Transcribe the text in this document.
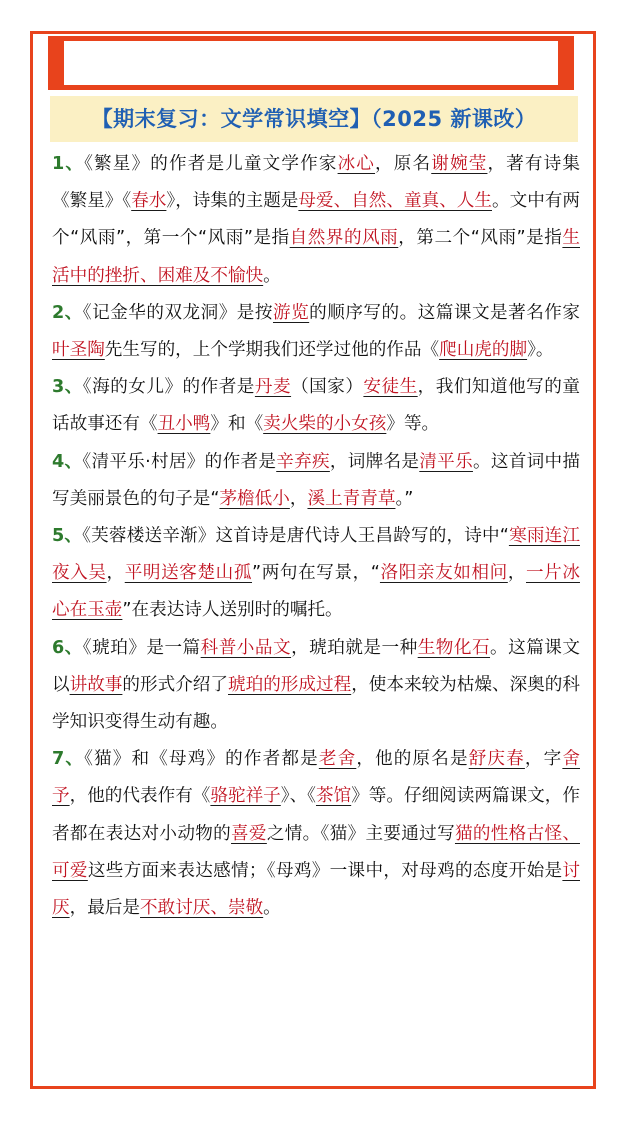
【期末复习：文学常识填空】（2025 新课改）
1、《繁星》的作者是儿童文学作家冰心，原名谢婉莹，著有诗集《繁星》《春水》，诗集的主题是母爱、自然、童真、人生。文中有两个“风雨”，第一个“风雨”是指自然界的风雨，第二个“风雨”是指生活中的挫折、困难及不愉快。
2、《记金华的双龙洞》是按游览的顺序写的。这篇课文是著名作家叶圣陶先生写的，上个学期我们还学过他的作品《爬山虎的脚》。
3、《海的女儿》的作者是丹麦（国家）安徒生，我们知道他写的童话故事还有《丑小鸭》和《卖火柴的小女孩》等。
4、《清平乐·村居》的作者是辛弃疾，词牌名是清平乐。这首词中描写美丽景色的句子是“茅檐低小，溪上青青草。”
5、《芙蓉楼送辛渐》这首诗是唐代诗人王昌龄写的，诗中“寒雨连江夜入吴，平明送客楚山孤”两句在写景，“洛阳亲友如相问，一片冰心在玉壶”在表达诗人送别时的嘱托。
6、《琥珀》是一篇科普小品文，琥珀就是一种生物化石。这篇课文以讲故事的形式介绍了琥珀的形成过程，使本来较为枯燥、深奥的科学知识变得生动有趣。
7、《猫》和《母鸡》的作者都是老舍，他的原名是舒庆春，字舍予，他的代表作有《骆驼祥子》、《茶馆》等。仔细阅读两篇课文，作者都在表达对小动物的喜爱之情。《猫》主要通过写猫的性格古怪、可爱这些方面来表达感情；《母鸡》一课中，对母鸡的态度开始是讨厌，最后是不敢讨厌、崇敬。
